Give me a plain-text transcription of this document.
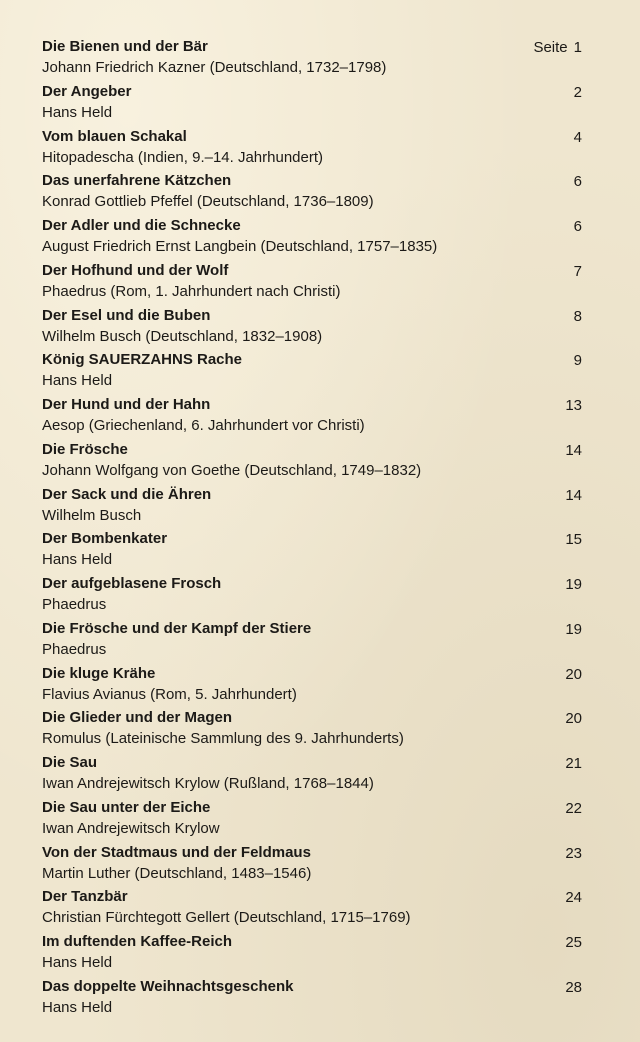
Die Bienen und der Bär
Johann Friedrich Kazner (Deutschland, 1732–1798)
Seite 1
Der Angeber
Hans Held
2
Vom blauen Schakal
Hitopadescha (Indien, 9.–14. Jahrhundert)
4
Das unerfahrene Kätzchen
Konrad Gottlieb Pfeffel (Deutschland, 1736–1809)
6
Der Adler und die Schnecke
August Friedrich Ernst Langbein (Deutschland, 1757–1835)
6
Der Hofhund und der Wolf
Phaedrus (Rom, 1. Jahrhundert nach Christi)
7
Der Esel und die Buben
Wilhelm Busch (Deutschland, 1832–1908)
8
König SAUERZAHNS Rache
Hans Held
9
Der Hund und der Hahn
Aesop (Griechenland, 6. Jahrhundert vor Christi)
13
Die Frösche
Johann Wolfgang von Goethe (Deutschland, 1749–1832)
14
Der Sack und die Ähren
Wilhelm Busch
14
Der Bombenkater
Hans Held
15
Der aufgeblasene Frosch
Phaedrus
19
Die Frösche und der Kampf der Stiere
Phaedrus
19
Die kluge Krähe
Flavius Avianus (Rom, 5. Jahrhundert)
20
Die Glieder und der Magen
Romulus (Lateinische Sammlung des 9. Jahrhunderts)
20
Die Sau
Iwan Andrejewitsch Krylow (Rußland, 1768–1844)
21
Die Sau unter der Eiche
Iwan Andrejewitsch Krylow
22
Von der Stadtmaus und der Feldmaus
Martin Luther (Deutschland, 1483–1546)
23
Der Tanzbär
Christian Fürchtegott Gellert (Deutschland, 1715–1769)
24
Im duftenden Kaffee-Reich
Hans Held
25
Das doppelte Weihnachtsgeschenk
Hans Held
28
